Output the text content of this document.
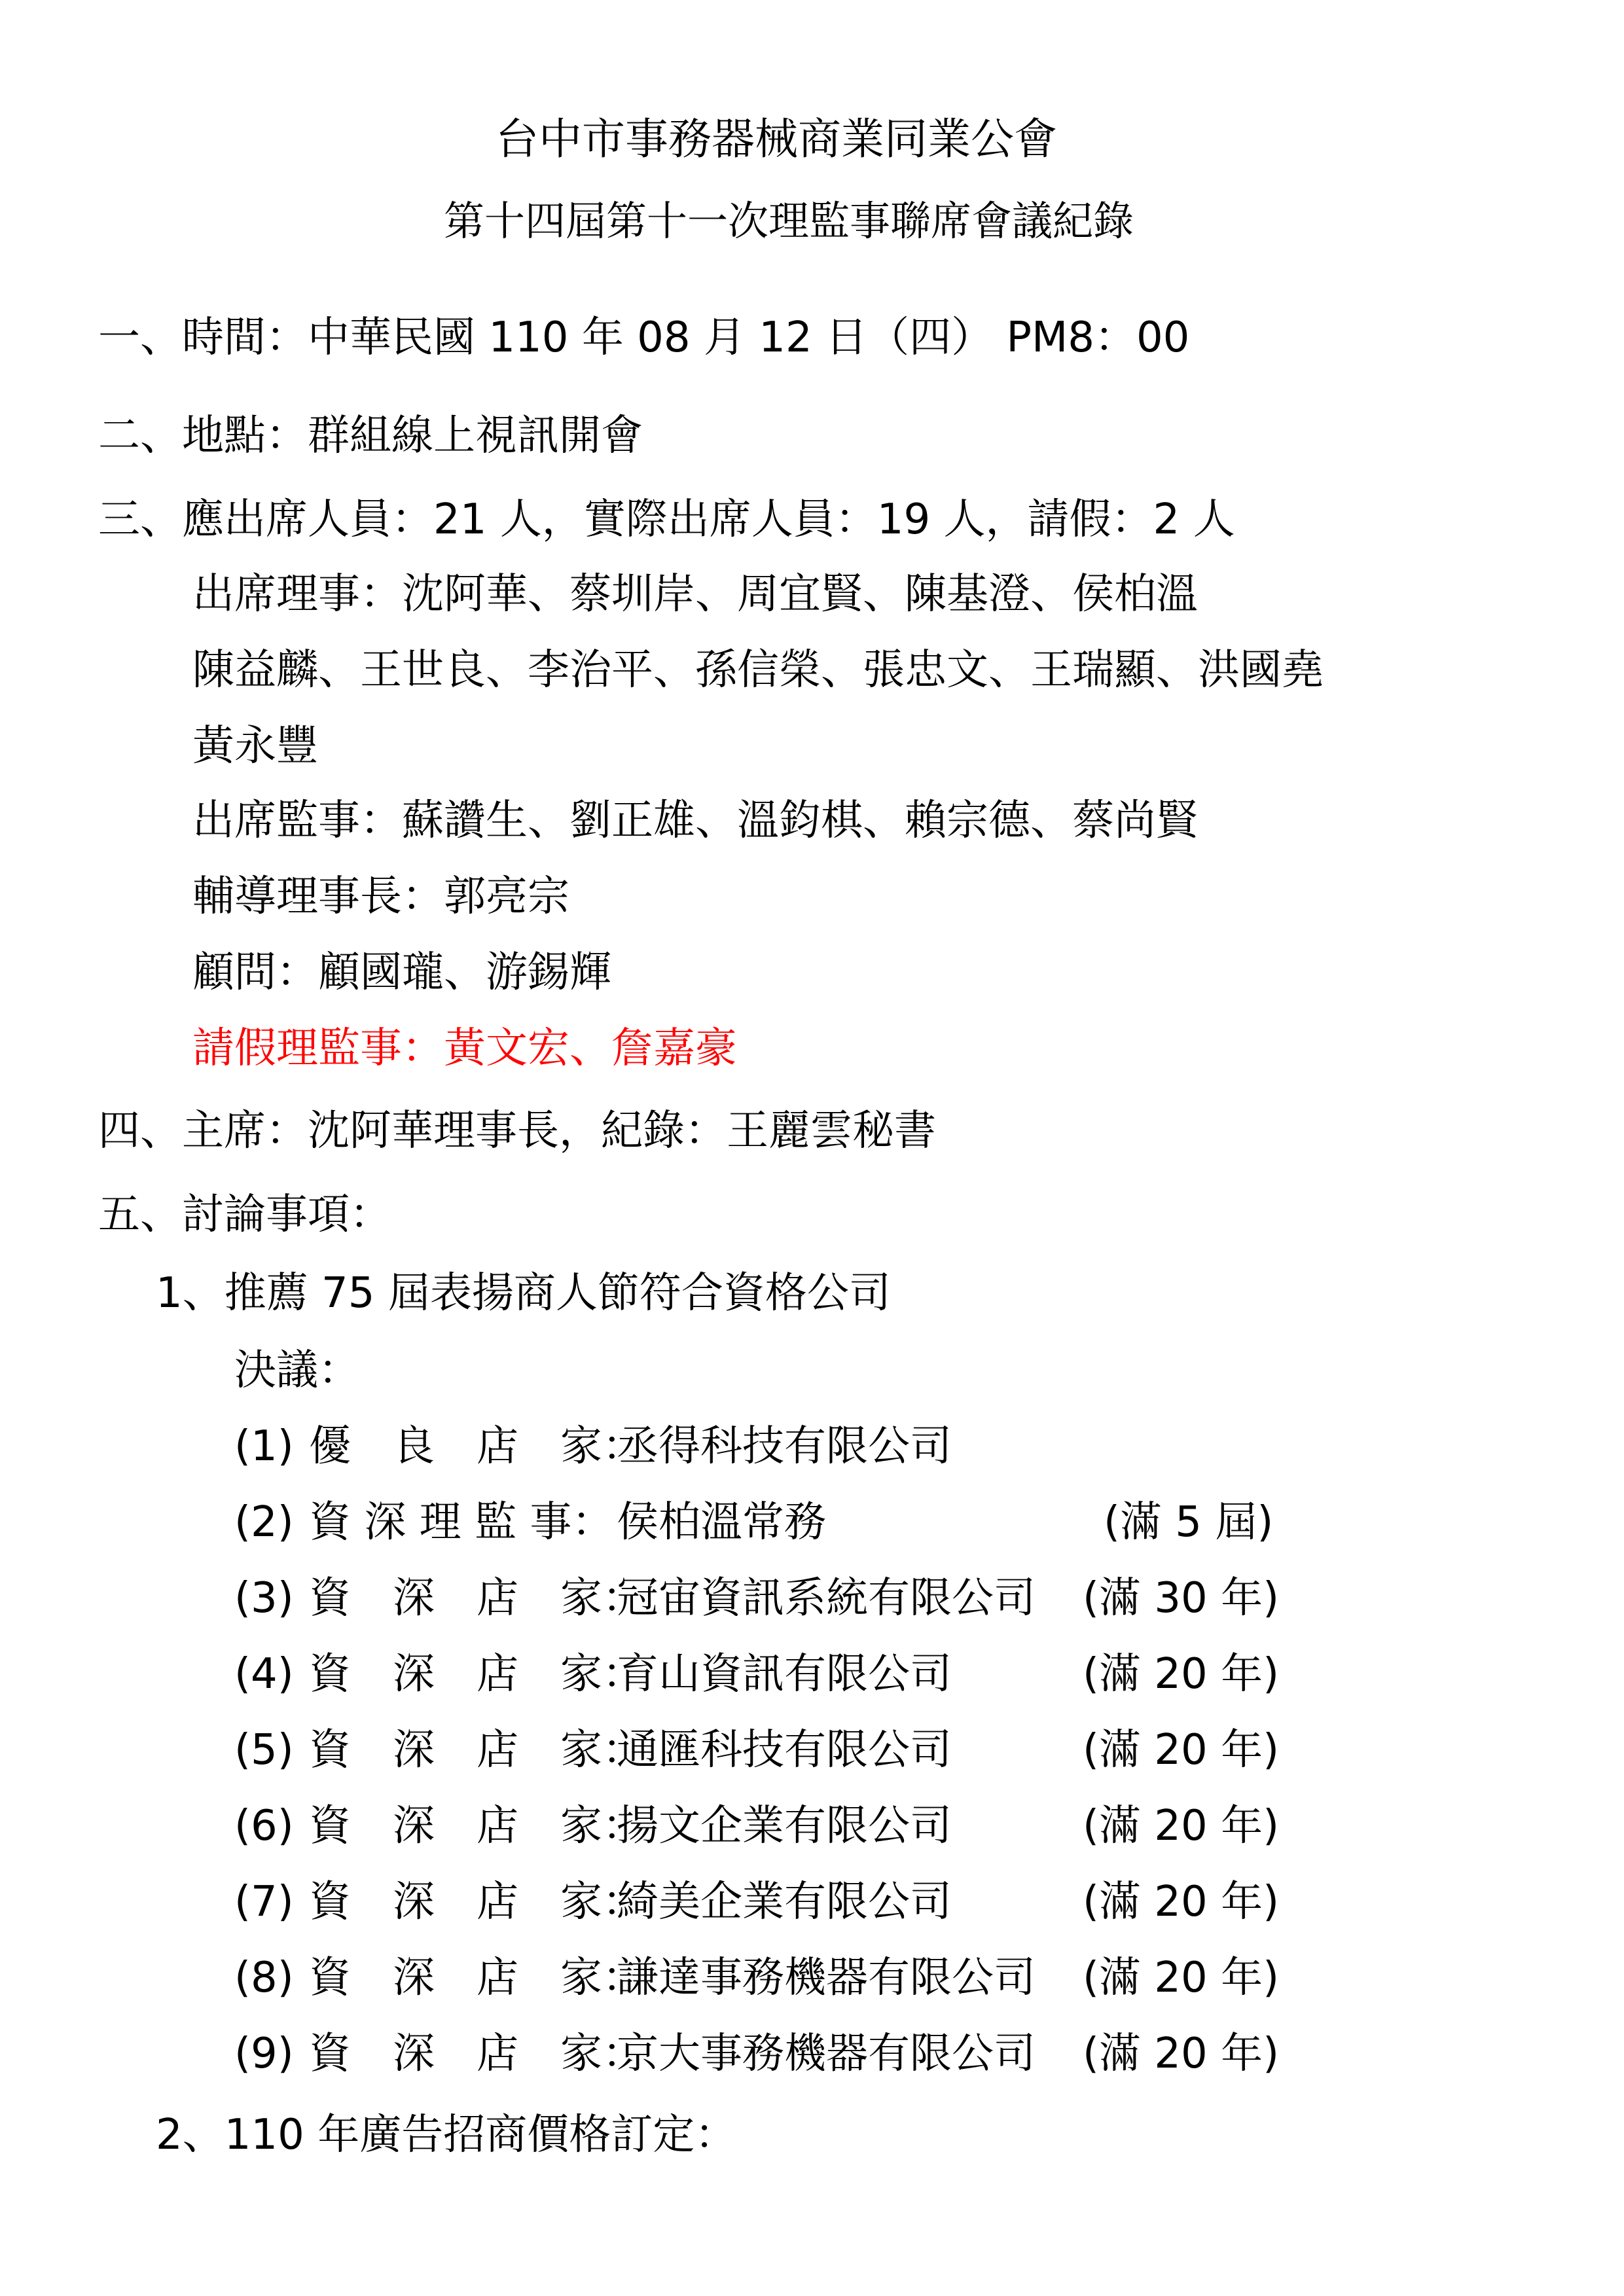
台中市事務器械商業同業公會
第十四屆第十一次理監事聯席會議紀錄
一、時間：中華民國 110 年 08 月 12 日（四） PM8：00
二、地點：群組線上視訊開會
三、應出席人員：21 人，實際出席人員：19 人，請假：2 人
出席理事：沈阿華、蔡圳岸、周宜賢、陳基澄、侯柏溫
陳益麟、王世良、李治平、孫信榮、張忠文、王瑞顯、洪國堯
黃永豐
出席監事：蘇讚生、劉正雄、溫鈞棋、賴宗德、蔡尚賢
輔導理事長：郭亮宗
顧問：顧國瓏、游錫輝
請假理監事：黃文宏、詹嘉豪
四、主席：沈阿華理事長，紀錄：王麗雲秘書
五、討論事項：
1、推薦 75 屆表揚商人節符合資格公司
決議：
(1) 優　良　店　家：
丞得科技有限公司
(2) 資 深 理 監 事： 侯柏溫常務	(滿 5 屆)
(3) 資　深　店　家：
冠宙資訊系統有限公司 (滿 30 年)
(4) 資　深　店　家：
育山資訊有限公司	(滿 20 年)
(5) 資　深　店　家：
通匯科技有限公司	(滿 20 年)
(6) 資　深　店　家：
揚文企業有限公司	(滿 20 年)
(7) 資　深　店　家：
綺美企業有限公司	(滿 20 年)
(8) 資　深　店　家：
謙達事務機器有限公司 (滿 20 年)
(9) 資　深　店　家：
京大事務機器有限公司 (滿 20 年)
2、110 年廣告招商價格訂定：
